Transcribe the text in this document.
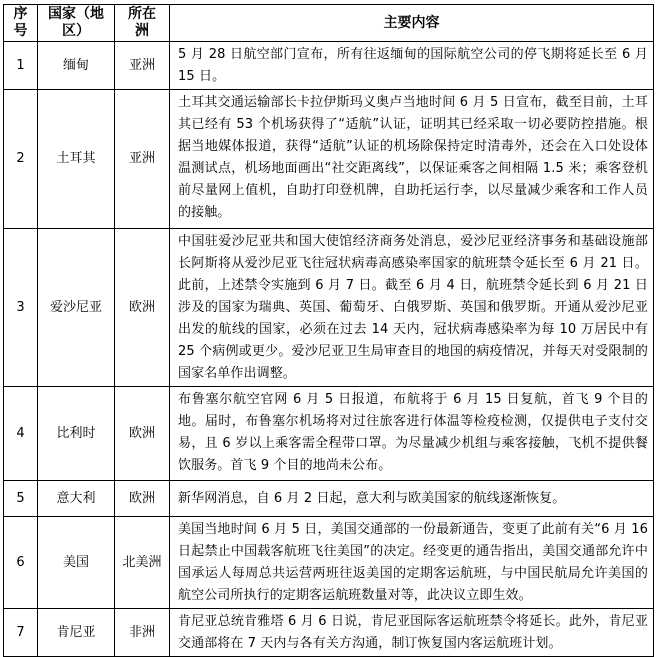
序号	国家（地区）	所在洲	主要内容
1	缅甸	亚洲	5 月 28 日航空部门宣布，所有往返缅甸的国际航空公司的停飞期将延长至 6 月 15 日。
2	土耳其	亚洲	土耳其交通运输部长卡拉伊斯玛义奥卢当地时间 6 月 5 日宣布，截至目前，土耳其已经有 53 个机场获得了“适航”认证，证明其已经采取一切必要防控措施。根据当地媒体报道，获得“适航”认证的机场除保持定时清毒外，还会在入口处设体温测试点，机场地面画出“社交距离线”，以保证乘客之间相隔 1.5 米；乘客登机前尽量网上值机，自助打印登机牌，自助托运行李，以尽量减少乘客和工作人员的接触。
3	爱沙尼亚	欧洲	中国驻爱沙尼亚共和国大使馆经济商务处消息，爱沙尼亚经济事务和基础设施部长阿斯将从爱沙尼亚飞往冠状病毒高感染率国家的航班禁令延长至 6 月 21 日。此前，上述禁令实施到 6 月 7 日。截至 6 月 4 日，航班禁令延长到 6 月 21 日涉及的国家为瑞典、英国、葡萄牙、白俄罗斯、英国和俄罗斯。开通从爱沙尼亚出发的航线的国家，必须在过去 14 天内，冠状病毒感染率为每 10 万居民中有 25 个病例或更少。爱沙尼亚卫生局审查目的地国的病疫情况，并每天对受限制的国家名单作出调整。
4	比利时	欧洲	布鲁塞尔航空官网 6 月 5 日报道，布航将于 6 月 15 日复航，首飞 9 个目的地。届时，布鲁塞尔机场将对过往旅客进行体温等检疫检测，仅提供电子支付交易，且 6 岁以上乘客需全程带口罩。为尽量减少机组与乘客接触，飞机不提供餐饮服务。首飞 9 个目的地尚未公布。
5	意大利	欧洲	新华网消息，自 6 月 2 日起，意大利与欧美国家的航线逐渐恢复。
6	美国	北美洲	美国当地时间 6 月 5 日，美国交通部的一份最新通告，变更了此前有关“6 月 16 日起禁止中国载客航班飞往美国”的决定。经变更的通告指出，美国交通部允许中国承运人每周总共运营两班往返美国的定期客运航班，与中国民航局允许美国的航空公司所执行的定期客运航班数量对等，此决议立即生效。
7	肯尼亚	非洲	肯尼亚总统肯雅塔 6 月 6 日说，肯尼亚国际客运航班禁令将延长。此外，肯尼亚交通部将在 7 天内与各有关方沟通，制订恢复国内客运航班计划。
